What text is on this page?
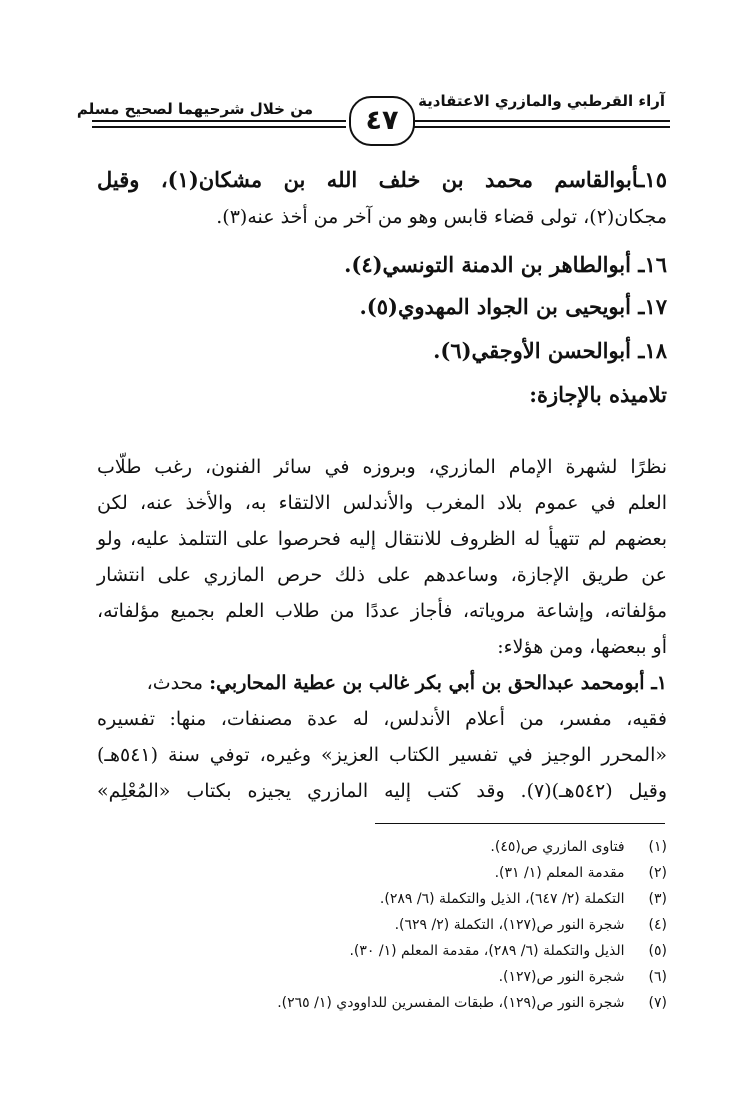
آراء القرطبي والمازري الاعتقادية
من خلال شرحيهما لصحيح مسلم	٤٧
١٥ـأبوالقاسم محمد بن خلف الله بن مشكان(١)، وقيل
مجكان(٢)، تولى قضاء قابس وهو من آخر من أخذ عنه(٣).
١٦ـ أبوالطاهر بن الدمنة التونسي(٤).
١٧ـ أبويحيى بن الجواد المهدوي(٥).
١٨ـ أبوالحسن الأوجقي(٦).
تلاميذه بالإجازة:
نظرًا لشهرة الإمام المازري، وبروزه في سائر الفنون، رغب طلّاب
العلم في عموم بلاد المغرب والأندلس الالتقاء به، والأخذ عنه، لكن
بعضهم لم تتهيأ له الظروف للانتقال إليه فحرصوا على التتلمذ عليه، ولو
عن طريق الإجازة، وساعدهم على ذلك حرص المازري على انتشار
مؤلفاته، وإشاعة مروياته، فأجاز عددًا من طلاب العلم بجميع مؤلفاته،
أو ببعضها، ومن هؤلاء:
١ـ أبومحمد عبدالحق بن أبي بكر غالب بن عطية المحاربي: محدث،
فقيه، مفسر، من أعلام الأندلس، له عدة مصنفات، منها: تفسيره
«المحرر الوجيز في تفسير الكتاب العزيز» وغيره، توفي سنة (٥٤١هـ)
وقيل (٥٤٢هـ)(٧). وقد كتب إليه المازري يجيزه بكتاب «المُعْلِم»
(١) فتاوى المازري ص(٤٥).
(٢) مقدمة المعلم (١/ ٣١).
(٣) التكملة (٢/ ٦٤٧)، الذيل والتكملة (٦/ ٢٨٩).
(٤) شجرة النور ص(١٢٧)، التكملة (٢/ ٦٢٩).
(٥) الذيل والتكملة (٦/ ٢٨٩)، مقدمة المعلم (١/ ٣٠).
(٦) شجرة النور ص(١٢٧).
(٧) شجرة النور ص(١٢٩)، طبقات المفسرين للداوودي (١/ ٢٦٥).
